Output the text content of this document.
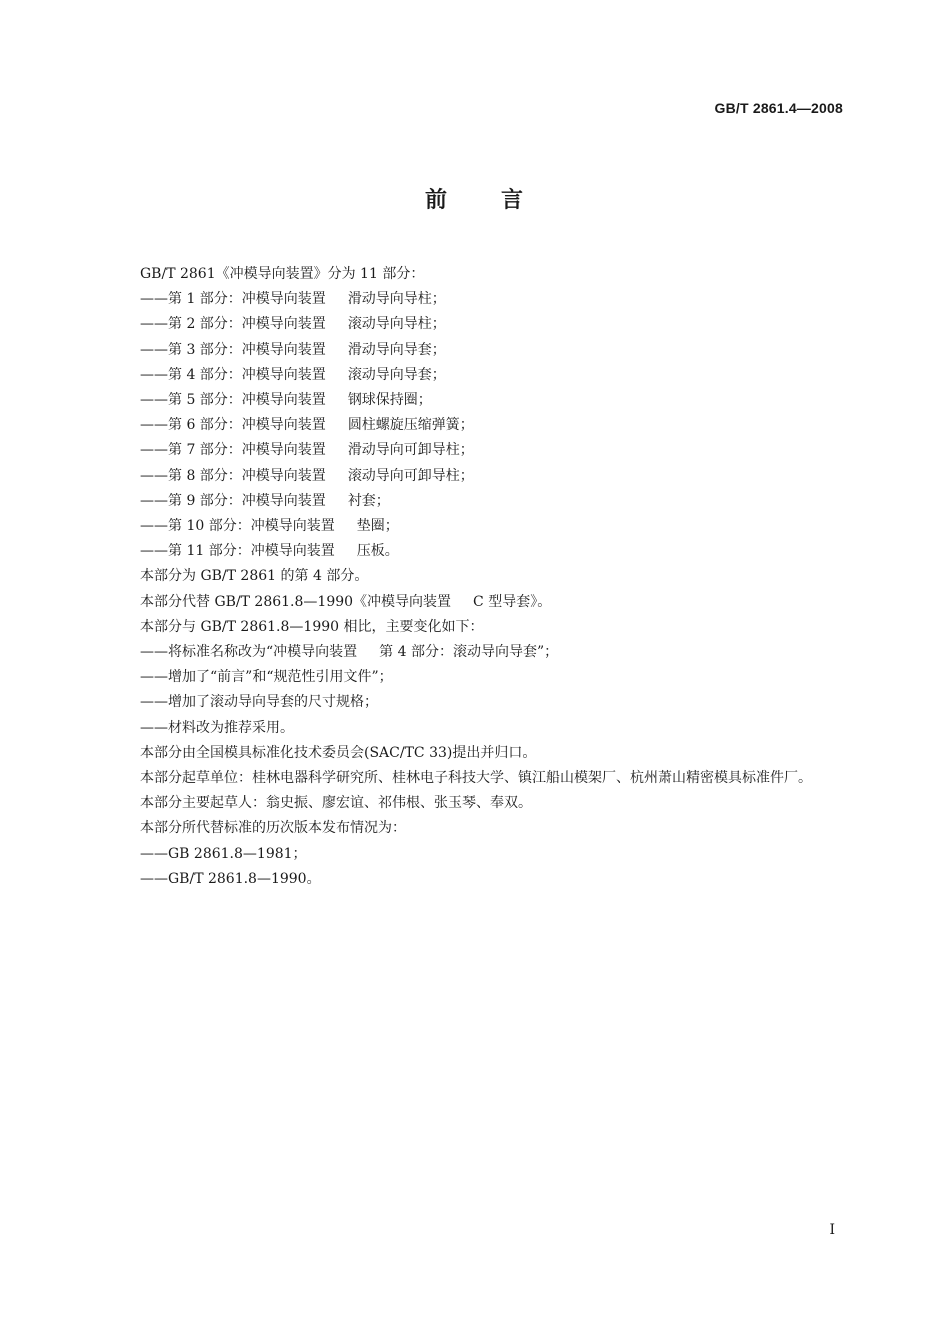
GB/T 2861.4—2008
前 言

GB/T 2861《冲模导向装置》分为 11 部分：

——第 1 部分：冲模导向装置 滑动导向导柱；

——第 2 部分：冲模导向装置 滚动导向导柱；

——第 3 部分：冲模导向装置 滑动导向导套；

——第 4 部分：冲模导向装置 滚动导向导套；

——第 5 部分：冲模导向装置 钢球保持圈；

——第 6 部分：冲模导向装置 圆柱螺旋压缩弹簧；

——第 7 部分：冲模导向装置 滑动导向可卸导柱；

——第 8 部分：冲模导向装置 滚动导向可卸导柱；

——第 9 部分：冲模导向装置 衬套；

——第 10 部分：冲模导向装置 垫圈；

——第 11 部分：冲模导向装置 压板。

本部分为 GB/T 2861 的第 4 部分。

本部分代替 GB/T 2861.8—1990《冲模导向装置 C 型导套》。

本部分与 GB/T 2861.8—1990 相比，主要变化如下：

——将标准名称改为“冲模导向装置 第 4 部分：滚动导向导套”；

——增加了“前言”和“规范性引用文件”；

——增加了滚动导向导套的尺寸规格；

——材料改为推荐采用。

本部分由全国模具标准化技术委员会(SAC/TC 33)提出并归口。

本部分起草单位：桂林电器科学研究所、桂林电子科技大学、镇江船山模架厂、杭州萧山精密模具标准件厂。

本部分主要起草人：翁史振、廖宏谊、祁伟根、张玉琴、奉双。

本部分所代替标准的历次版本发布情况为：

——GB 2861.8—1981；

——GB/T 2861.8—1990。

I
